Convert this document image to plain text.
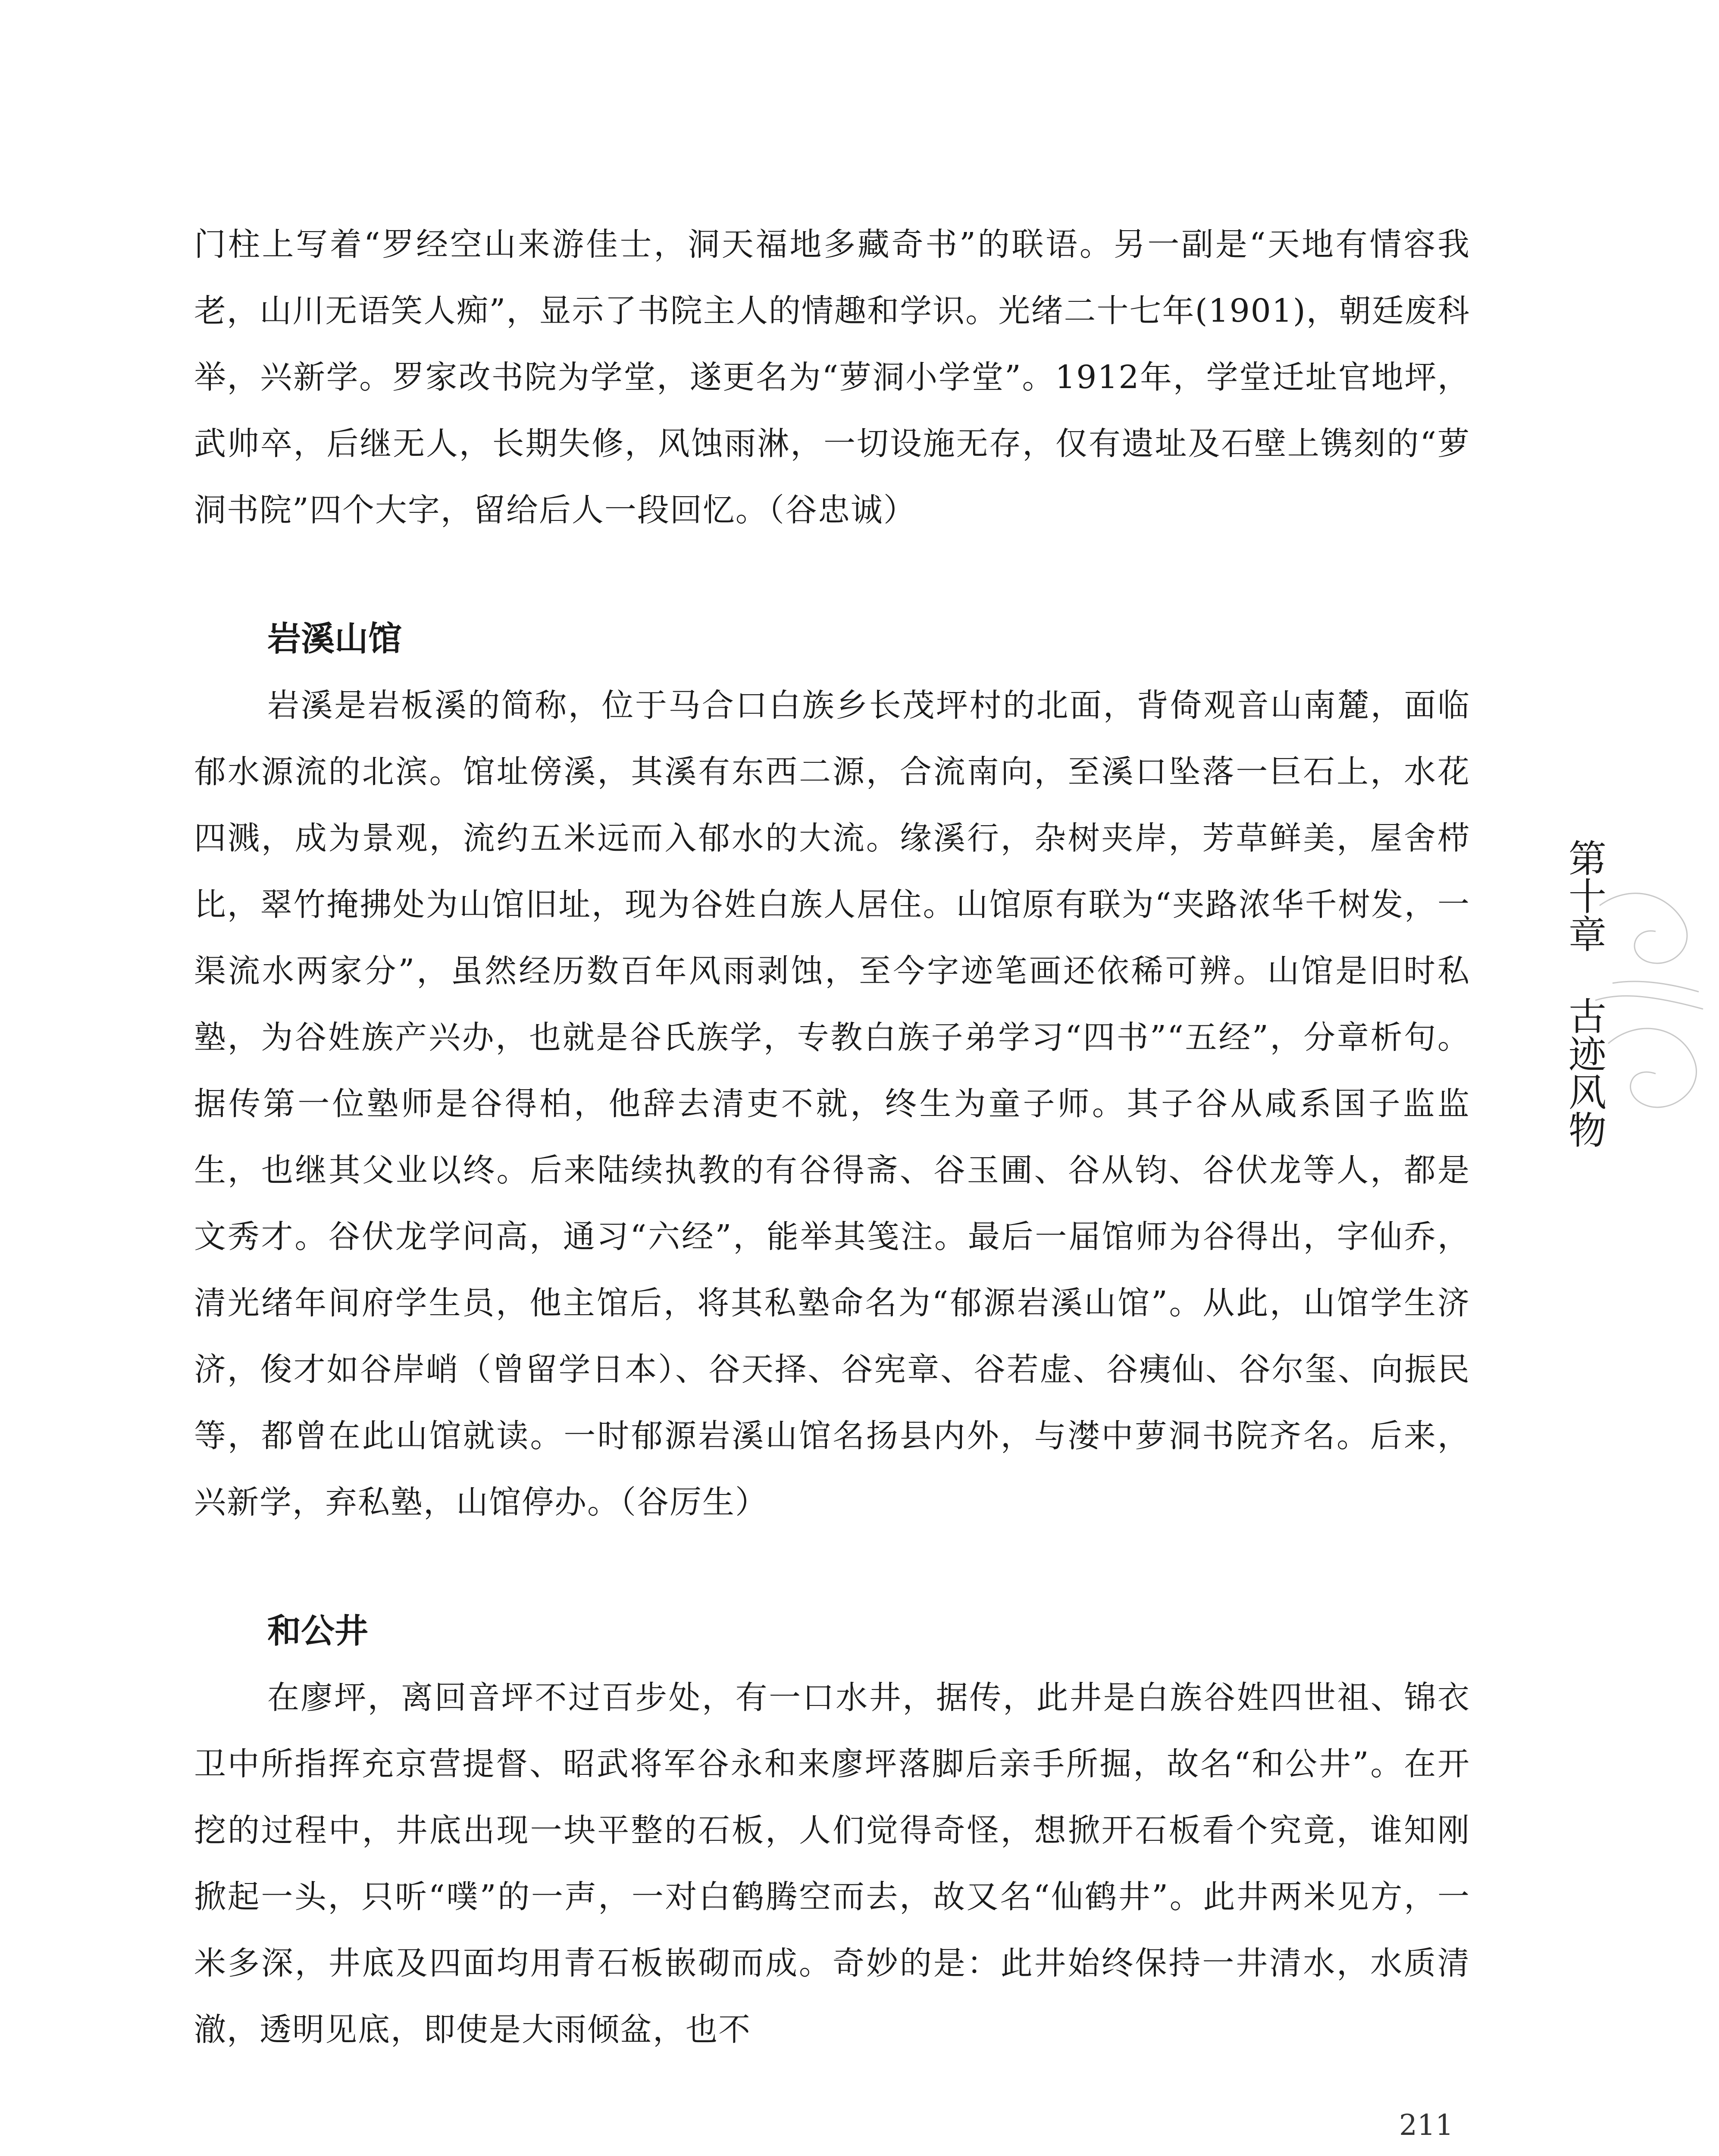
门柱上写着“罗经空山来游佳士，洞天福地多藏奇书”的联语。另一副是“天地有情容我老，山川无语笑人痴”，显示了书院主人的情趣和学识。光绪二十七年(1901)，朝廷废科举，兴新学。罗家改书院为学堂，遂更名为“萝洞小学堂”。1912年，学堂迁址官地坪，武帅卒，后继无人，长期失修，风蚀雨淋，一切设施无存，仅有遗址及石壁上镌刻的“萝洞书院”四个大字，留给后人一段回忆。（谷忠诚）

岩溪山馆

岩溪是岩板溪的简称，位于马合口白族乡长茂坪村的北面，背倚观音山南麓，面临郁水源流的北滨。馆址傍溪，其溪有东西二源，合流南向，至溪口坠落一巨石上，水花四溅，成为景观，流约五米远而入郁水的大流。缘溪行，杂树夹岸，芳草鲜美，屋舍栉比，翠竹掩拂处为山馆旧址，现为谷姓白族人居住。山馆原有联为“夹路浓华千树发，一渠流水两家分”，虽然经历数百年风雨剥蚀，至今字迹笔画还依稀可辨。山馆是旧时私塾，为谷姓族产兴办，也就是谷氏族学，专教白族子弟学习“四书”“五经”，分章析句。据传第一位塾师是谷得柏，他辞去清吏不就，终生为童子师。其子谷从咸系国子监监生，也继其父业以终。后来陆续执教的有谷得斋、谷玉圃、谷从钧、谷伏龙等人，都是文秀才。谷伏龙学问高，通习“六经”，能举其笺注。最后一届馆师为谷得出，字仙乔，清光绪年间府学生员，他主馆后，将其私塾命名为“郁源岩溪山馆”。从此，山馆学生济济，俊才如谷岸峭（曾留学日本）、谷天择、谷宪章、谷若虚、谷痍仙、谷尔玺、向振民等，都曾在此山馆就读。一时郁源岩溪山馆名扬县内外，与漤中萝洞书院齐名。后来，兴新学，弃私塾，山馆停办。（谷厉生）

和公井

在廖坪，离回音坪不过百步处，有一口水井，据传，此井是白族谷姓四世祖、锦衣卫中所指挥充京营提督、昭武将军谷永和来廖坪落脚后亲手所掘，故名“和公井”。在开挖的过程中，井底出现一块平整的石板，人们觉得奇怪，想掀开石板看个究竟，谁知刚掀起一头，只听“噗”的一声，一对白鹤腾空而去，故又名“仙鹤井”。此井两米见方，一米多深，井底及四面均用青石板嵌砌而成。奇妙的是：此井始终保持一井清水，水质清澈，透明见底，即使是大雨倾盆，也不

第十章
古迹风物
211
